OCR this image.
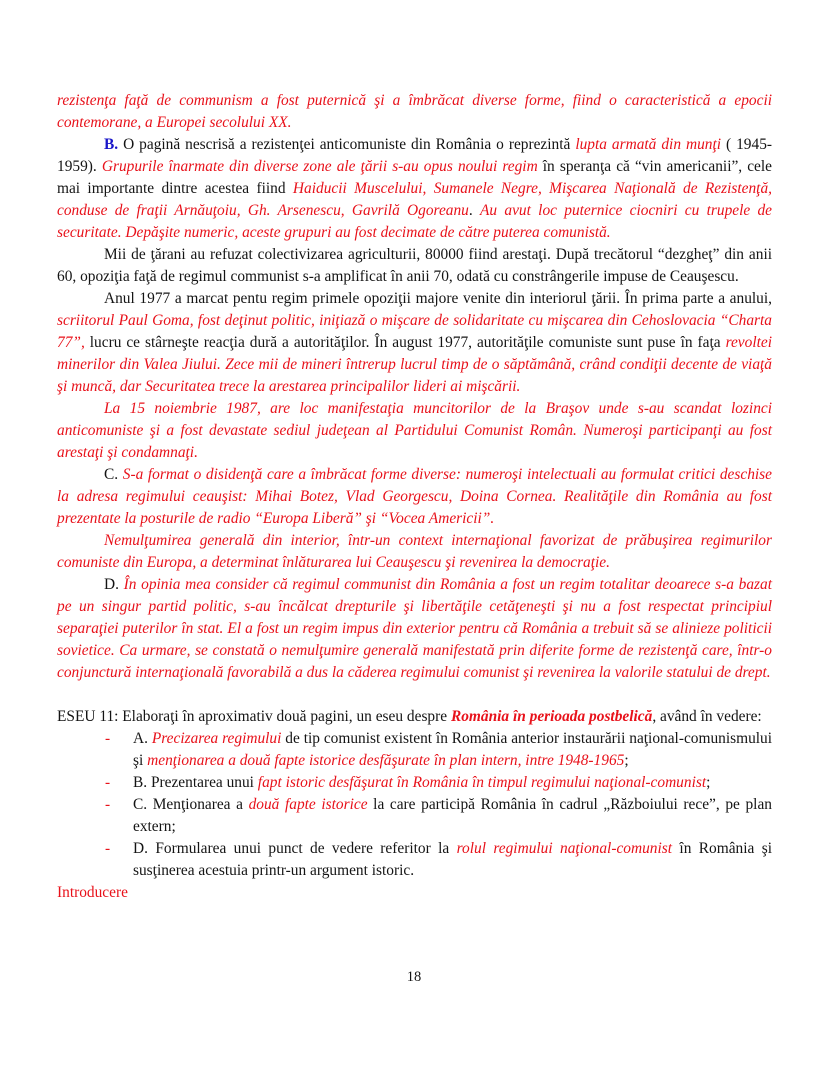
rezistenţa faţă de communism a fost puternică şi a îmbrăcat diverse forme, fiind o caracteristică a epocii contemorane, a Europei secolului XX.
B. O pagină nescrisă a rezistenţei anticomuniste din România o reprezintă lupta armată din munţi ( 1945-1959). Grupurile înarmate din diverse zone ale ţării s-au opus noului regim în speranţa că “vin americanii”, cele mai importante dintre acestea fiind Haiducii Muscelului, Sumanele Negre, Mişcarea Naţională de Rezistenţă, conduse de fraţii Arnăuţoiu, Gh. Arsenescu, Gavrilă Ogoreanu. Au avut loc puternice ciocniri cu trupele de securitate. Depăşite numeric, aceste grupuri au fost decimate de către puterea comunistă.
Mii de ţărani au refuzat colectivizarea agriculturii, 80000 fiind arestaţi. După trecătorul “dezgheţ” din anii 60, opoziţia faţă de regimul communist s-a amplificat în anii 70, odată cu constrângerile impuse de Ceauşescu.
Anul 1977 a marcat pentu regim primele opoziţii majore venite din interiorul ţării. În prima parte a anului, scriitorul Paul Goma, fost deţinut politic, iniţiază o mişcare de solidaritate cu mişcarea din Cehoslovacia “Charta 77”, lucru ce stârneşte reacţia dură a autorităţilor. În august 1977, autorităţile comuniste sunt puse în faţa revoltei minerilor din Valea Jiului. Zece mii de mineri întrerup lucrul timp de o săptămână, crând condiţii decente de viaţă şi muncă, dar Securitatea trece la arestarea principalilor lideri ai mişcării.
La 15 noiembrie 1987, are loc manifestaţia muncitorilor de la Braşov unde s-au scandat lozinci anticomuniste şi a fost devastate sediul judeţean al Partidului Comunist Român. Numeroşi participanţi au fost arestaţi şi condamnaţi.
C. S-a format o disidenţă care a îmbrăcat forme diverse: numeroşi intelectuali au formulat critici deschise la adresa regimului ceauşist: Mihai Botez, Vlad Georgescu, Doina Cornea. Realităţile din România au fost prezentate la posturile de radio “Europa Liberă” şi “Vocea Americii”.
Nemulţumirea generală din interior, într-un context internaţional favorizat de prăbuşirea regimurilor comuniste din Europa, a determinat înlăturarea lui Ceauşescu şi revenirea la democraţie.
D. În opinia mea consider că regimul communist din România a fost un regim totalitar deoarece s-a bazat pe un singur partid politic, s-au încălcat drepturile şi libertăţile cetăţeneşti şi nu a fost respectat principiul separaţiei puterilor în stat. El a fost un regim impus din exterior pentru că România a trebuit să se alinieze politicii sovietice. Ca urmare, se constată o nemulţumire generală manifestată prin diferite forme de rezistenţă care, într-o conjunctură internaţională favorabilă a dus la căderea regimului comunist şi revenirea la valorile statului de drept.
ESEU 11: Elaboraţi în aproximativ două pagini, un eseu despre România în perioada postbelică, având în vedere:
- A. Precizarea regimului de tip comunist existent în România anterior instaurării naţional-comunismului şi menţionarea a două fapte istorice desfăşurate în plan intern, intre 1948-1965;
- B. Prezentarea unui fapt istoric desfăşurat în România în timpul regimului naţional-comunist;
- C. Menţionarea a două fapte istorice la care participă România în cadrul „Războiului rece”, pe plan extern;
- D. Formularea unui punct de vedere referitor la rolul regimului naţional-comunist în România şi susţinerea acestuia printr-un argument istoric.
Introducere
18
